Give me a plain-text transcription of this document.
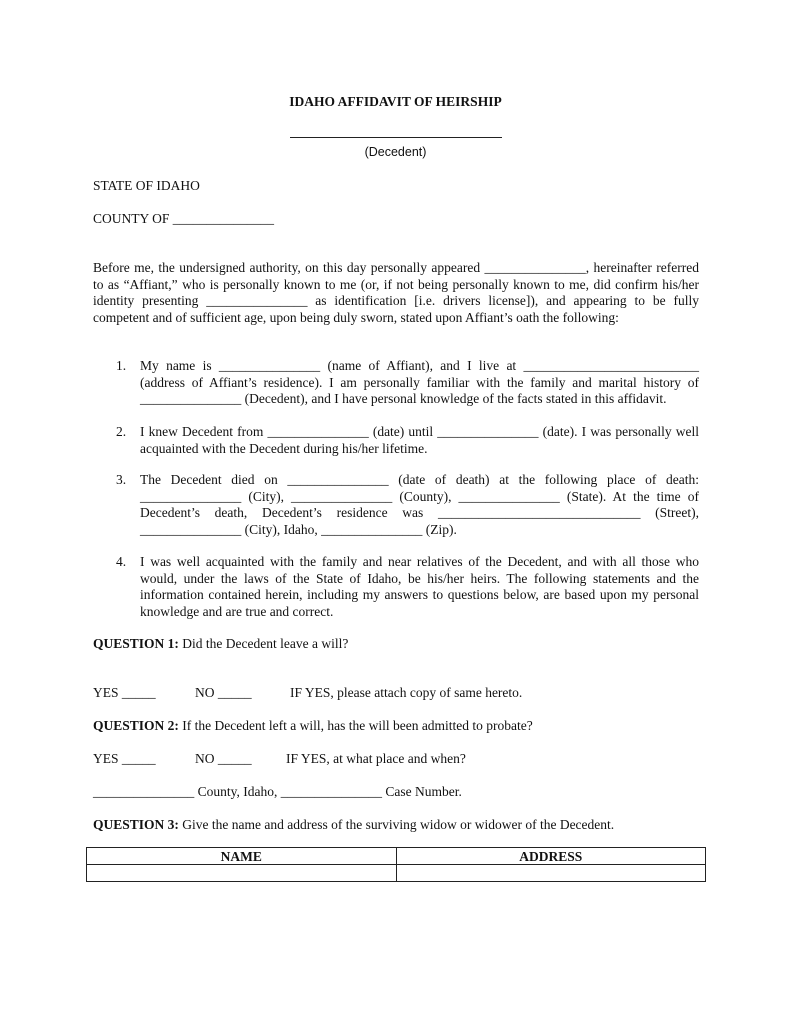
IDAHO AFFIDAVIT OF HEIRSHIP
(Decedent)
STATE OF IDAHO
COUNTY OF _______________
Before me, the undersigned authority, on this day personally appeared _______________, hereinafter referred to as “Affiant,” who is personally known to me (or, if not being personally known to me, did confirm his/her identity presenting _______________ as identification [i.e. drivers license]), and appearing to be fully competent and of sufficient age, upon being duly sworn, stated upon Affiant’s oath the following:
1. My name is _______________ (name of Affiant), and I live at __________________________ (address of Affiant’s residence). I am personally familiar with the family and marital history of _______________ (Decedent), and I have personal knowledge of the facts stated in this affidavit.
2. I knew Decedent from _______________ (date) until _______________ (date). I was personally well acquainted with the Decedent during his/her lifetime.
3. The Decedent died on _______________ (date of death) at the following place of death: _______________ (City), _______________ (County), _______________ (State). At the time of Decedent’s death, Decedent’s residence was ______________________________ (Street), _______________ (City), Idaho, _______________ (Zip).
4. I was well acquainted with the family and near relatives of the Decedent, and with all those who would, under the laws of the State of Idaho, be his/her heirs. The following statements and the information contained herein, including my answers to questions below, are based upon my personal knowledge and are true and correct.
QUESTION 1: Did the Decedent leave a will?
YES _____	NO _____	IF YES, please attach copy of same hereto.
QUESTION 2: If the Decedent left a will, has the will been admitted to probate?
YES _____	NO _____	IF YES, at what place and when?
_______________ County, Idaho, _______________ Case Number.
QUESTION 3: Give the name and address of the surviving widow or widower of the Decedent.
NAME	ADDRESS
